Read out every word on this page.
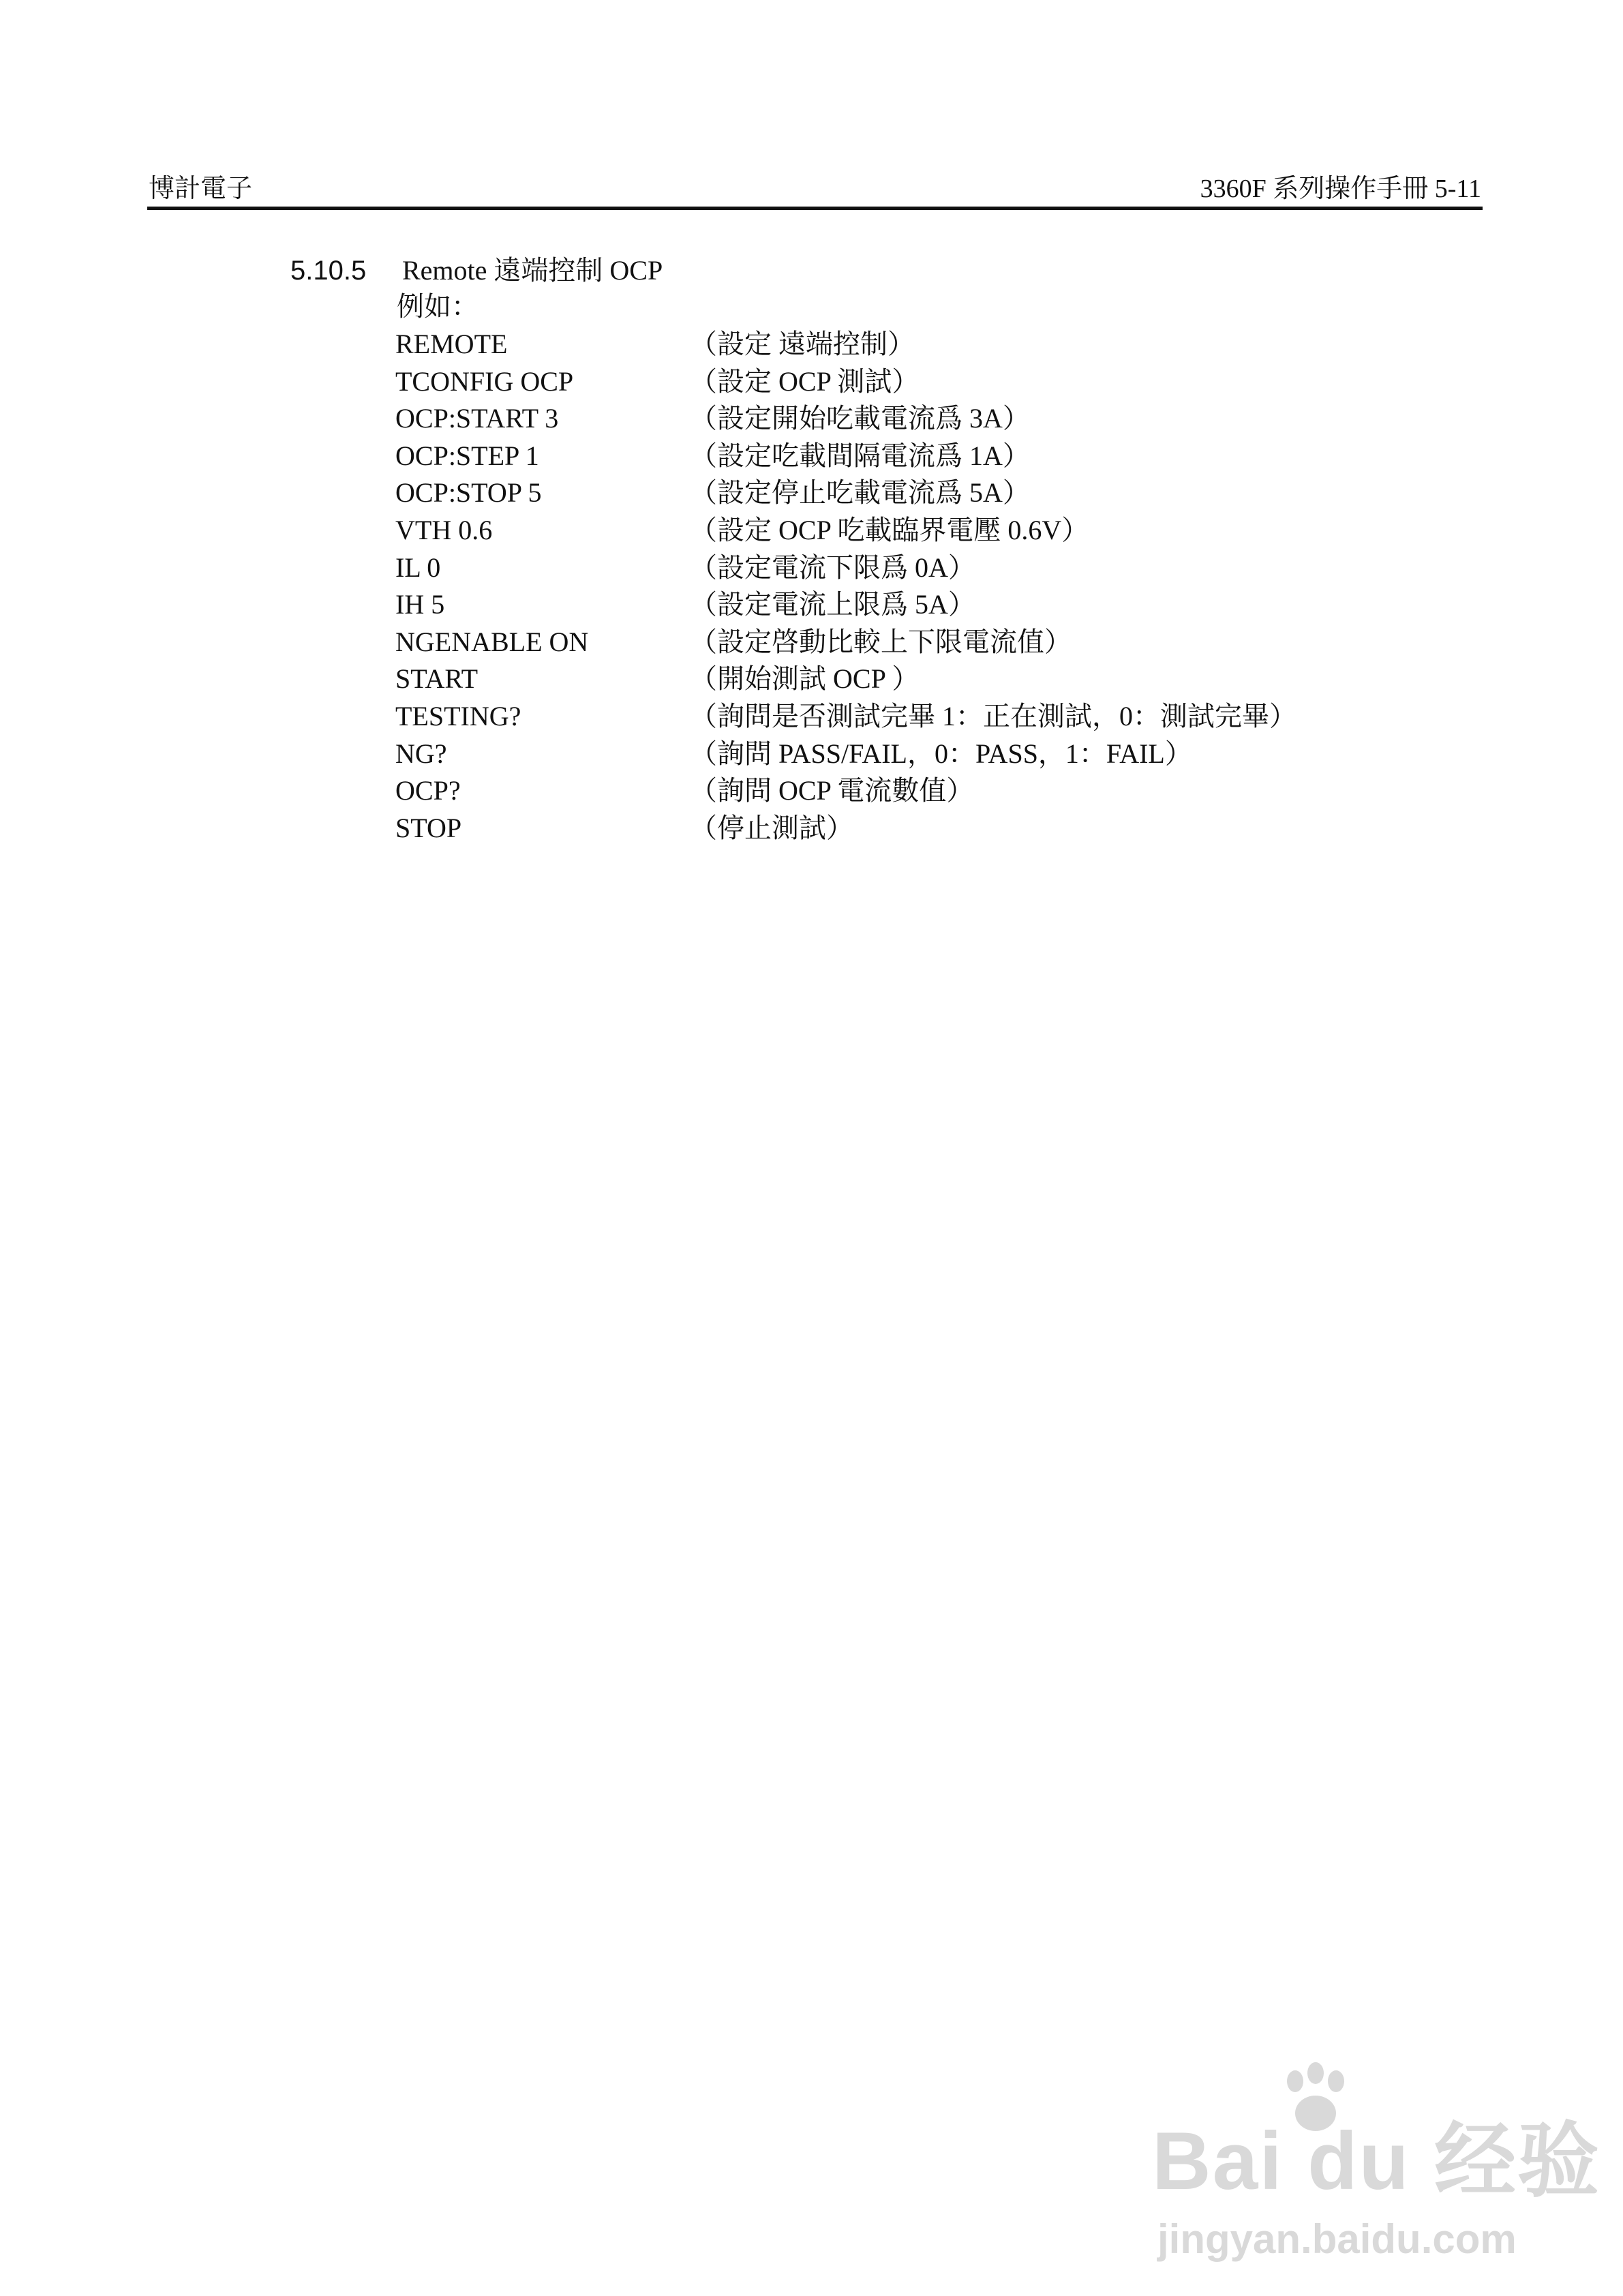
博計電子	3360F 系列操作手冊 5-11
5.10.5 Remote 遠端控制 OCP
例如：
REMOTE	（設定 遠端控制）
TCONFIG OCP	（設定 OCP 測試）
OCP:START 3	（設定開始吃載電流爲 3A）
OCP:STEP 1	（設定吃載間隔電流爲 1A）
OCP:STOP 5	（設定停止吃載電流爲 5A）
VTH 0.6	（設定 OCP 吃載臨界電壓 0.6V）
IL 0	（設定電流下限爲 0A）
IH 5	（設定電流上限爲 5A）
NGENABLE ON	（設定啓動比較上下限電流值）
START	（開始測試 OCP ）
TESTING?	（詢問是否測試完畢 1：正在測試，0：測試完畢）
NG?	（詢問 PASS/FAIL，0：PASS，1：FAIL）
OCP?	（詢問 OCP 電流數值）
STOP	（停止測試）
Bai du 经验
jingyan.baidu.com
